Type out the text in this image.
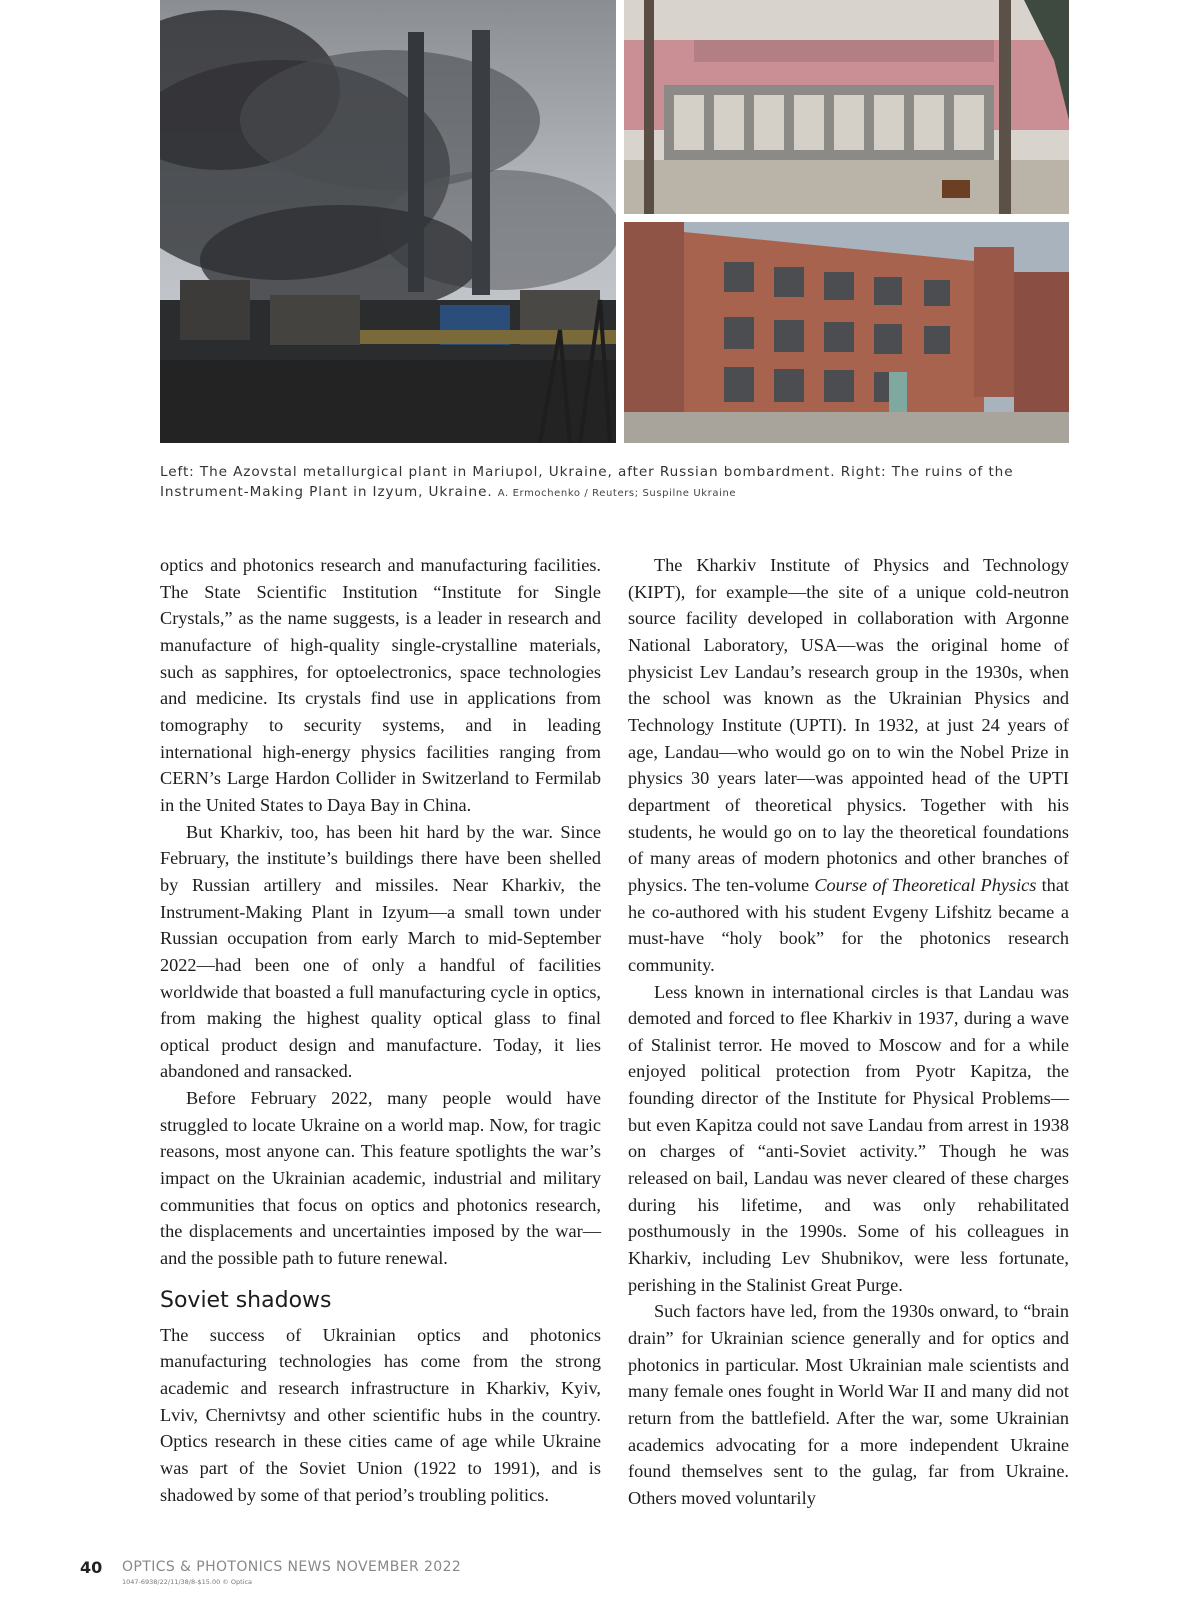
Left: The Azovstal metallurgical plant in Mariupol, Ukraine, after Russian bombardment. Right: The ruins of the Instrument-Making Plant in Izyum, Ukraine. A. Ermochenko / Reuters; Suspilne Ukraine

optics and photonics research and manufacturing facilities. The State Scientific Institution “Institute for Single Crystals,” as the name suggests, is a leader in research and manufacture of high-quality single-crystalline materials, such as sapphires, for optoelectronics, space technologies and medicine. Its crystals find use in applications from tomography to security systems, and in leading international high-energy physics facilities ranging from CERN’s Large Hardon Collider in Switzerland to Fermilab in the United States to Daya Bay in China.

But Kharkiv, too, has been hit hard by the war. Since February, the institute’s buildings there have been shelled by Russian artillery and missiles. Near Kharkiv, the Instrument-Making Plant in Izyum—a small town under Russian occupation from early March to mid-September 2022—had been one of only a handful of facilities worldwide that boasted a full manufacturing cycle in optics, from making the highest quality optical glass to final optical product design and manufacture. Today, it lies abandoned and ransacked.

Before February 2022, many people would have struggled to locate Ukraine on a world map. Now, for tragic reasons, most anyone can. This feature spotlights the war’s impact on the Ukrainian academic, industrial and military communities that focus on optics and photonics research, the displacements and uncertainties imposed by the war—and the possible path to future renewal.

Soviet shadows

The success of Ukrainian optics and photonics manufacturing technologies has come from the strong academic and research infrastructure in Kharkiv, Kyiv, Lviv, Chernivtsy and other scientific hubs in the country. Optics research in these cities came of age while Ukraine was part of the Soviet Union (1922 to 1991), and is shadowed by some of that period’s troubling politics.

The Kharkiv Institute of Physics and Technology (KIPT), for example—the site of a unique cold-neutron source facility developed in collaboration with Argonne National Laboratory, USA—was the original home of physicist Lev Landau’s research group in the 1930s, when the school was known as the Ukrainian Physics and Technology Institute (UPTI). In 1932, at just 24 years of age, Landau—who would go on to win the Nobel Prize in physics 30 years later—was appointed head of the UPTI department of theoretical physics. Together with his students, he would go on to lay the theoretical foundations of many areas of modern photonics and other branches of physics. The ten-volume Course of Theoretical Physics that he co-authored with his student Evgeny Lifshitz became a must-have “holy book” for the photonics research community.

Less known in international circles is that Landau was demoted and forced to flee Kharkiv in 1937, during a wave of Stalinist terror. He moved to Moscow and for a while enjoyed political protection from Pyotr Kapitza, the founding director of the Institute for Physical Problems—but even Kapitza could not save Landau from arrest in 1938 on charges of “anti-Soviet activity.” Though he was released on bail, Landau was never cleared of these charges during his lifetime, and was only rehabilitated posthumously in the 1990s. Some of his colleagues in Kharkiv, including Lev Shubnikov, were less fortunate, perishing in the Stalinist Great Purge.

Such factors have led, from the 1930s onward, to “brain drain” for Ukrainian science generally and for optics and photonics in particular. Most Ukrainian male scientists and many female ones fought in World War II and many did not return from the battlefield. After the war, some Ukrainian academics advocating for a more independent Ukraine found themselves sent to the gulag, far from Ukraine. Others moved voluntarily

40 OPTICS & PHOTONICS NEWS NOVEMBER 2022
1047-6938/22/11/38/8-$15.00 © Optica
